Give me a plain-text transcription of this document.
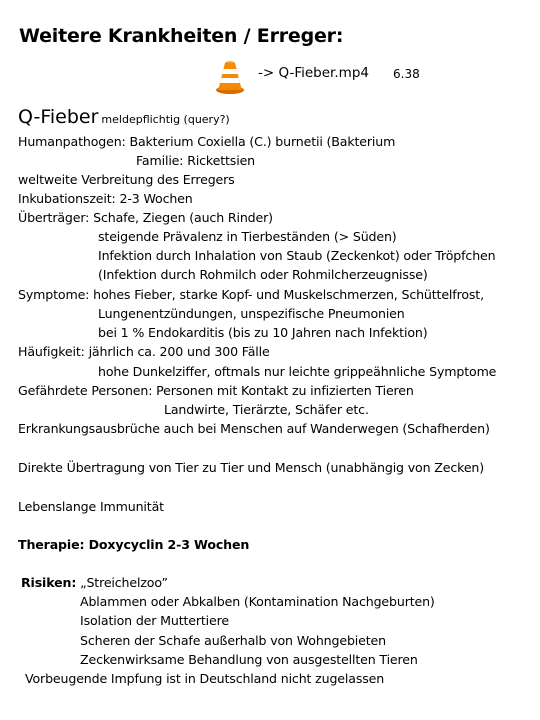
Weitere Krankheiten / Erreger:
-> Q-Fieber.mp4 6.38
Q-Fieber meldepflichtig (query?)
Humanpathogen: Bakterium Coxiella (C.) burnetii (Bakterium
Familie: Rickettsien
weltweite Verbreitung des Erregers
Inkubationszeit: 2-3 Wochen
Überträger: Schafe, Ziegen (auch Rinder)
steigende Prävalenz in Tierbeständen (> Süden)
Infektion durch Inhalation von Staub (Zeckenkot) oder Tröpfchen
(Infektion durch Rohmilch oder Rohmilcherzeugnisse)
Symptome: hohes Fieber, starke Kopf- und Muskelschmerzen, Schüttelfrost,
Lungenentzündungen, unspezifische Pneumonien
bei 1 % Endokarditis (bis zu 10 Jahren nach Infektion)
Häufigkeit: jährlich ca. 200 und 300 Fälle
hohe Dunkelziffer, oftmals nur leichte grippeähnliche Symptome
Gefährdete Personen: Personen mit Kontakt zu infizierten Tieren
Landwirte, Tierärzte, Schäfer etc.
Erkrankungsausbrüche auch bei Menschen auf Wanderwegen (Schafherden)
Direkte Übertragung von Tier zu Tier und Mensch (unabhängig von Zecken)
Lebenslange Immunität
Therapie: Doxycyclin 2-3 Wochen
Risiken: „Streichelzoo”
Ablammen oder Abkalben (Kontamination Nachgeburten)
Isolation der Muttertiere
Scheren der Schafe außerhalb von Wohngebieten
Zeckenwirksame Behandlung von ausgestellten Tieren
Vorbeugende Impfung ist in Deutschland nicht zugelassen
